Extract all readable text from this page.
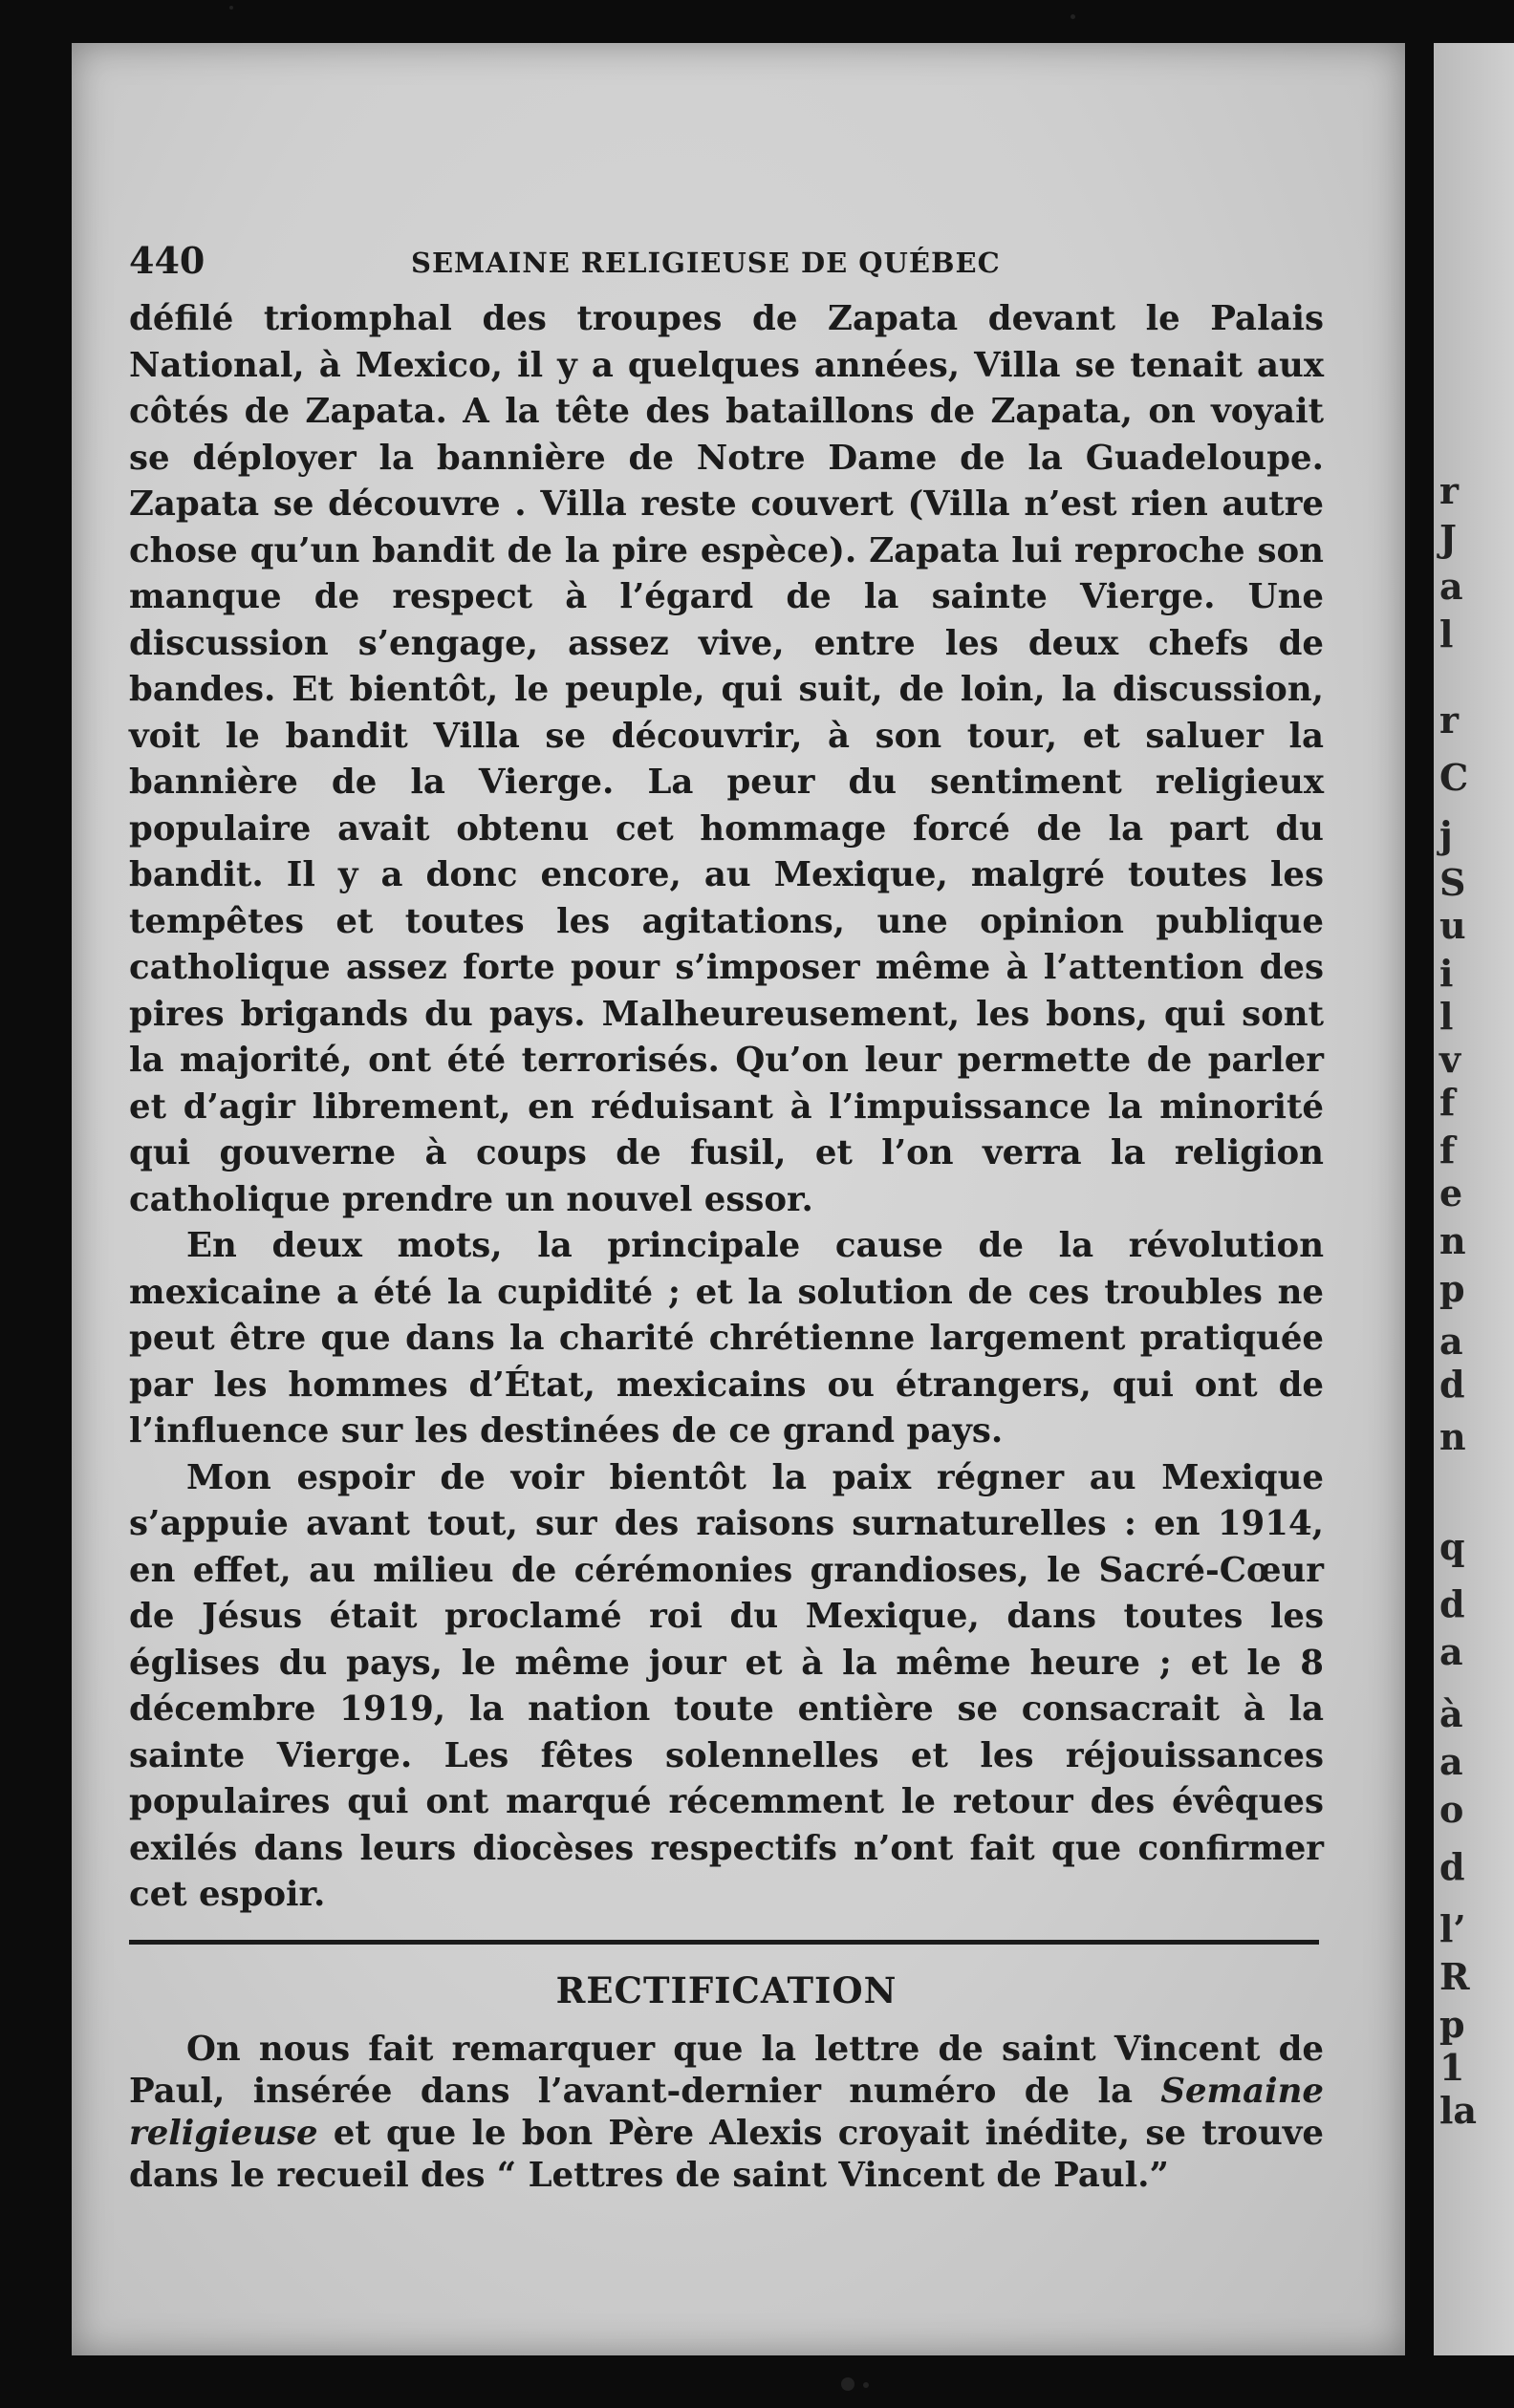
r
J
a
l
r
C
j
S
u
i
l
v
f
f
e
n
p
a
d
n
q
d
a
à
a
o
d
l’
R
p
1
la
440	SEMAINE RELIGIEUSE DE QUÉBEC

défilé triomphal des troupes de Zapata devant le Palais National, à Mexico, il y a quelques années, Villa se tenait aux côtés de Zapata. A la tête des bataillons de Zapata, on voyait se déployer la bannière de Notre Dame de la Guadeloupe. Zapata se découvre . Villa reste couvert (Villa n’est rien autre chose qu’un bandit de la pire espèce). Zapata lui reproche son manque de respect à l’égard de la sainte Vierge. Une discussion s’engage, assez vive, entre les deux chefs de bandes. Et bientôt, le peuple, qui suit, de loin, la discussion, voit le bandit Villa se découvrir, à son tour, et saluer la bannière de la Vierge. La peur du sentiment religieux populaire avait obtenu cet hommage forcé de la part du bandit. Il y a donc encore, au Mexique, malgré toutes les tempêtes et toutes les agitations, une opinion publique catholique assez forte pour s’imposer même à l’attention des pires brigands du pays. Malheureusement, les bons, qui sont la majorité, ont été terrorisés. Qu’on leur permette de parler et d’agir librement, en réduisant à l’impuissance la minorité qui gouverne à coups de fusil, et l’on verra la religion catholique prendre un nouvel essor.

En deux mots, la principale cause de la révolution mexicaine a été la cupidité ; et la solution de ces troubles ne peut être que dans la charité chrétienne largement pratiquée par les hommes d’État, mexicains ou étrangers, qui ont de l’influence sur les destinées de ce grand pays.

Mon espoir de voir bientôt la paix régner au Mexique s’appuie avant tout, sur des raisons surnaturelles : en 1914, en effet, au milieu de cérémonies grandioses, le Sacré-Cœur de Jésus était proclamé roi du Mexique, dans toutes les églises du pays, le même jour et à la même heure ; et le 8 décembre 1919, la nation toute entière se consacrait à la sainte Vierge. Les fêtes solennelles et les réjouissances populaires qui ont marqué récemment le retour des évêques exilés dans leurs diocèses respectifs n’ont fait que confirmer cet espoir.

RECTIFICATION

On nous fait remarquer que la lettre de saint Vincent de Paul, insérée dans l’avant-dernier numéro de la Semaine religieuse et que le bon Père Alexis croyait inédite, se trouve dans le recueil des “ Lettres de saint Vincent de Paul.”
